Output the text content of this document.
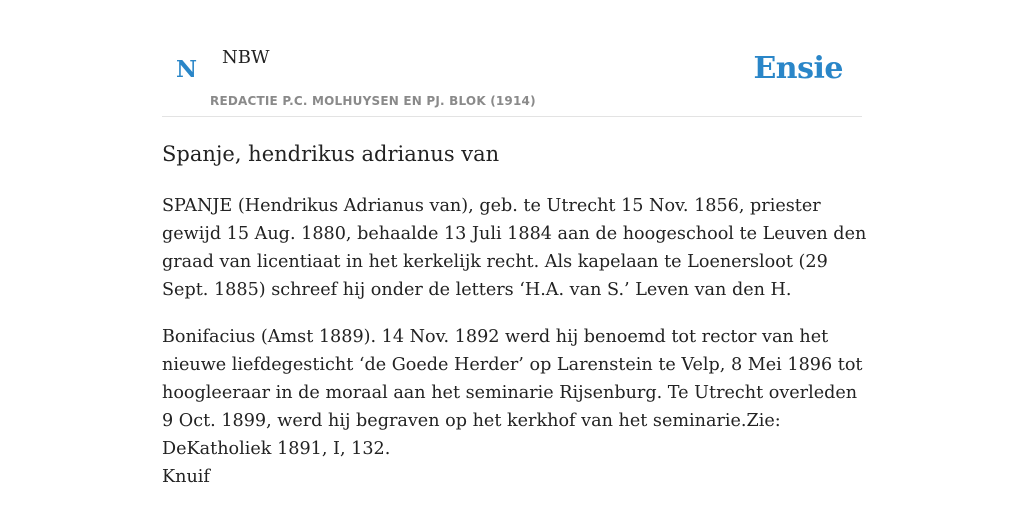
N NBW
REDACTIE P.C. MOLHUYSEN EN PJ. BLOK (1914)
Ensie
Spanje, hendrikus adrianus van

SPANJE (Hendrikus Adrianus van), geb. te Utrecht 15 Nov. 1856, priester gewijd 15 Aug. 1880, behaalde 13 Juli 1884 aan de hoogeschool te Leuven den graad van licentiaat in het kerkelijk recht. Als kapelaan te Loenersloot (29 Sept. 1885) schreef hij onder de letters ‘H.A. van S.’ Leven van den H.

Bonifacius (Amst 1889). 14 Nov. 1892 werd hij benoemd tot rector van het nieuwe liefdegesticht ‘de Goede Herder’ op Larenstein te Velp, 8 Mei 1896 tot hoogleeraar in de moraal aan het seminarie Rijsenburg. Te Utrecht overleden 9 Oct. 1899, werd hij begraven op het kerkhof van het seminarie.Zie: DeKatholiek 1891, I, 132.

Knuif
